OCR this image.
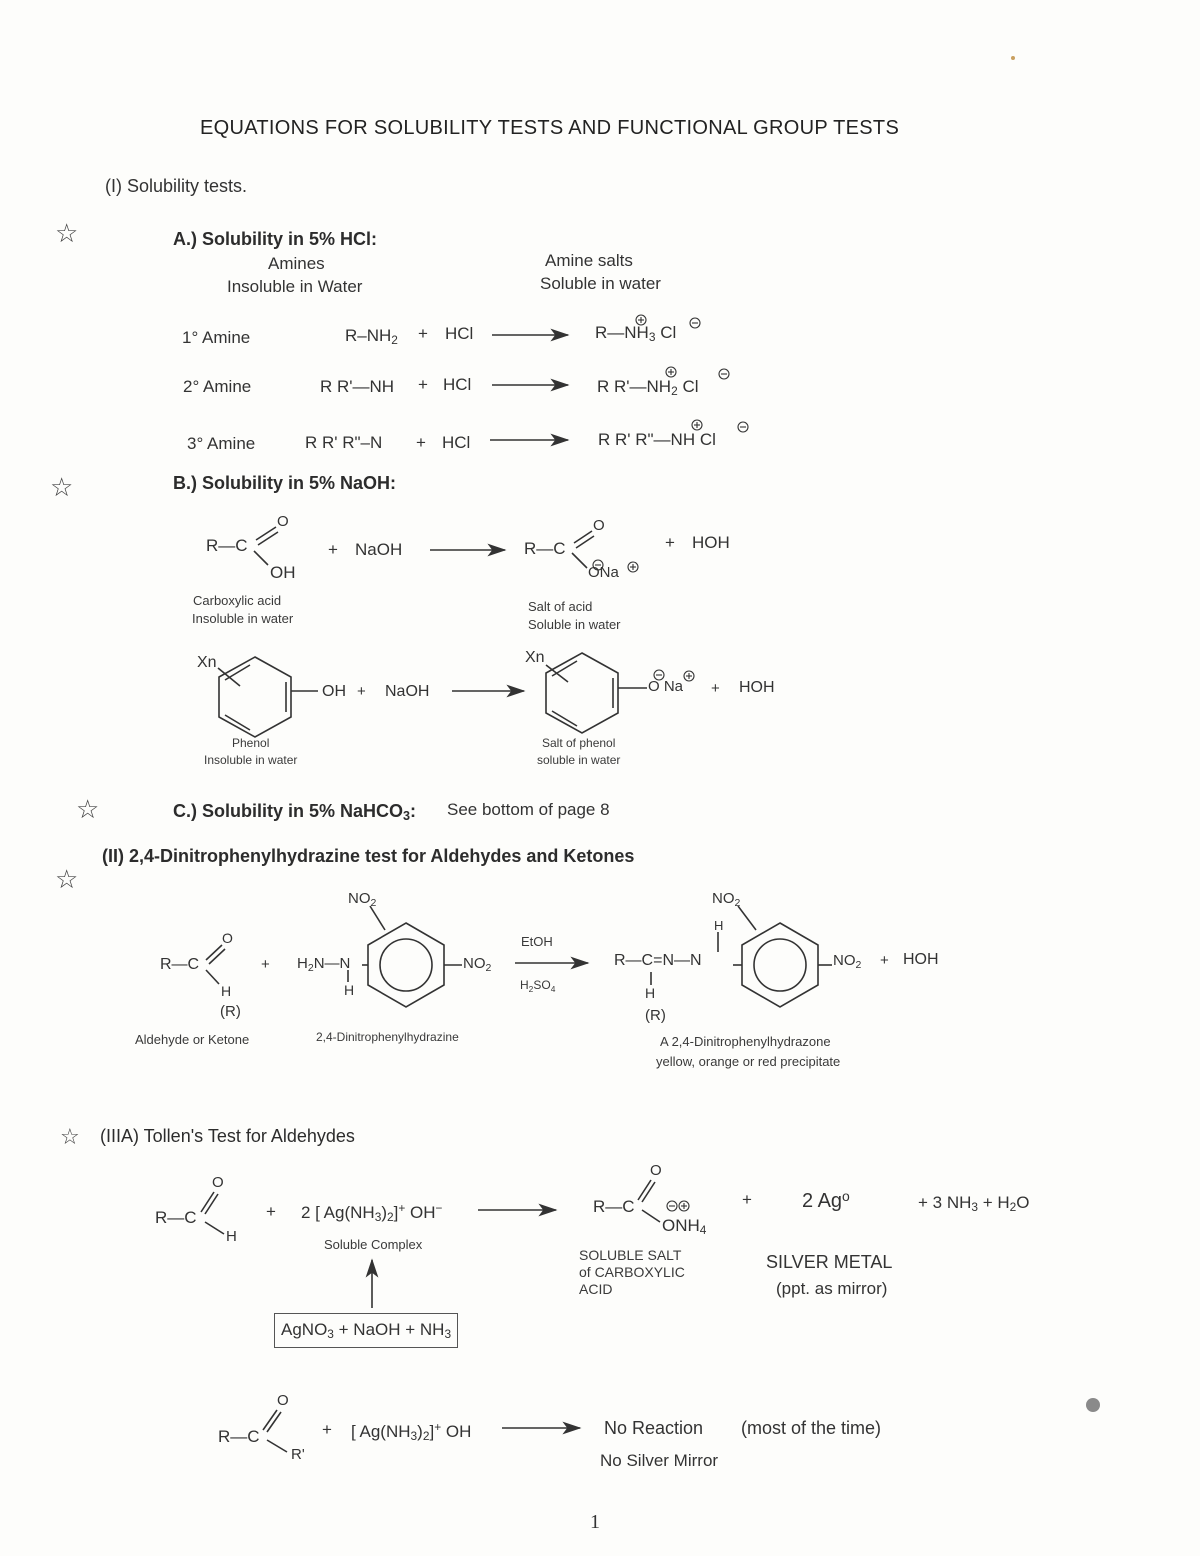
EQUATIONS FOR SOLUBILITY TESTS AND FUNCTIONAL GROUP TESTS
(I) Solubility tests.
☆
☆
☆
☆
☆
A.) Solubility in 5% HCl:
Amines
Insoluble in Water
Amine salts
Soluble in water
1° Amine	$R-NH_2$ + HCl	$R—NH_3$ Cl
2° Amine	R R'—NH + HCl	R $R'—NH_2$ Cl
3° Amine	R R' R"–N + HCl	R R' R"—NH Cl
B.) Solubility in 5% NaOH:
R—C
O
OH
+ NaOH	R—C
O
ONa
+ HOH
Carboxylic acid
Insoluble in water
Salt of acid
Soluble in water
Xn
OH + NaOH
Xn
O Na + HOH
Phenol
Insoluble in water
Salt of phenol
soluble in water
C.) Solubility in 5% NaHCO$_3$: See bottom of page 8
(II) 2,4-Dinitrophenylhydrazine test for Aldehydes and Ketones
$NO_2$	$NO_2$
R—C
O
H
(R)
+ $H_2N—N$
H
$NO_2$
EtOH
$H_2SO_4$
R—C=N—N
H
(R)
H
$NO_2$ + HOH
Aldehyde or Ketone	2,4-Dinitrophenylhydrazine	A 2,4-Dinitrophenylhydrazone
yellow, orange or red precipitate
(IIIA) Tollen's Test for Aldehydes
R—C
O
H
+ 2 [ $Ag(NH_3)_2]^+$ OH−
Soluble Complex
AgNO$_3$ + NaOH + $NH_3$
R—C
O
$ONH_4$
SOLUBLE SALT
of CARBOXYLIC
ACID
+	2 $Ag^o$	+ 3 $NH_3 + H_2O$
SILVER METAL
(ppt. as mirror)
R—C
O
R'
+ [ $Ag(NH_3)_2]^+$ OH	No Reaction (most of the time)
No Silver Mirror
1
